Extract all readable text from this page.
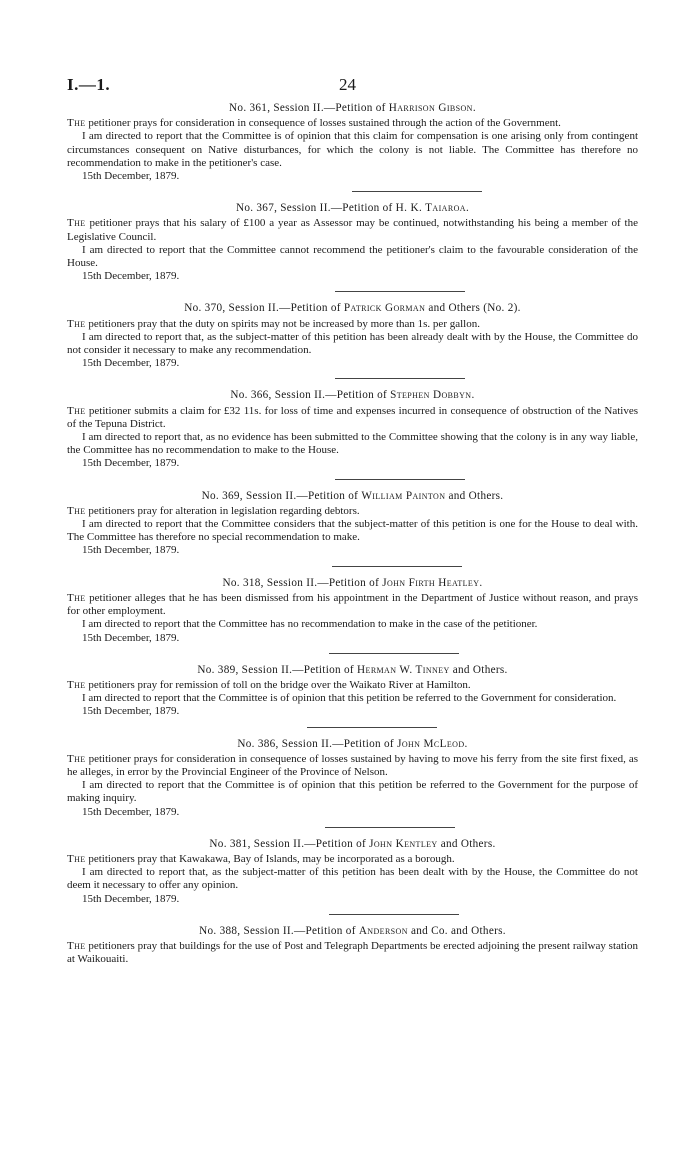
I.—1.	24

No. 361, Session II.—Petition of Harrison Gibson.

The petitioner prays for consideration in consequence of losses sustained through the action of the Government.

I am directed to report that the Committee is of opinion that this claim for compensation is one arising only from contingent circumstances consequent on Native disturbances, for which the colony is not liable. The Committee has therefore no recommendation to make in the petitioner's case.

15th December, 1879.

No. 367, Session II.—Petition of H. K. Taiaroa.

The petitioner prays that his salary of £100 a year as Assessor may be continued, notwithstanding his being a member of the Legislative Council.

I am directed to report that the Committee cannot recommend the petitioner's claim to the favourable consideration of the House.

15th December, 1879.

No. 370, Session II.—Petition of Patrick Gorman and Others (No. 2).

The petitioners pray that the duty on spirits may not be increased by more than 1s. per gallon.

I am directed to report that, as the subject-matter of this petition has been already dealt with by the House, the Committee do not consider it necessary to make any recommendation.

15th December, 1879.

No. 366, Session II.—Petition of Stephen Dobbyn.

The petitioner submits a claim for £32 11s. for loss of time and expenses incurred in consequence of obstruction of the Natives of the Tepuna District.

I am directed to report that, as no evidence has been submitted to the Committee showing that the colony is in any way liable, the Committee has no recommendation to make to the House.

15th December, 1879.

No. 369, Session II.—Petition of William Painton and Others.

The petitioners pray for alteration in legislation regarding debtors.

I am directed to report that the Committee considers that the subject-matter of this petition is one for the House to deal with. The Committee has therefore no special recommendation to make.

15th December, 1879.

No. 318, Session II.—Petition of John Firth Heatley.

The petitioner alleges that he has been dismissed from his appointment in the Department of Justice without reason, and prays for other employment.

I am directed to report that the Committee has no recommendation to make in the case of the petitioner.

15th December, 1879.

No. 389, Session II.—Petition of Herman W. Tinney and Others.

The petitioners pray for remission of toll on the bridge over the Waikato River at Hamilton.

I am directed to report that the Committee is of opinion that this petition be referred to the Government for consideration.

15th December, 1879.

No. 386, Session II.—Petition of John McLeod.

The petitioner prays for consideration in consequence of losses sustained by having to move his ferry from the site first fixed, as he alleges, in error by the Provincial Engineer of the Province of Nelson.

I am directed to report that the Committee is of opinion that this petition be referred to the Government for the purpose of making inquiry.

15th December, 1879.

No. 381, Session II.—Petition of John Kentley and Others.

The petitioners pray that Kawakawa, Bay of Islands, may be incorporated as a borough.

I am directed to report that, as the subject-matter of this petition has been dealt with by the House, the Committee do not deem it necessary to offer any opinion.

15th December, 1879.

No. 388, Session II.—Petition of Anderson and Co. and Others.

The petitioners pray that buildings for the use of Post and Telegraph Departments be erected adjoining the present railway station at Waikouaiti.
